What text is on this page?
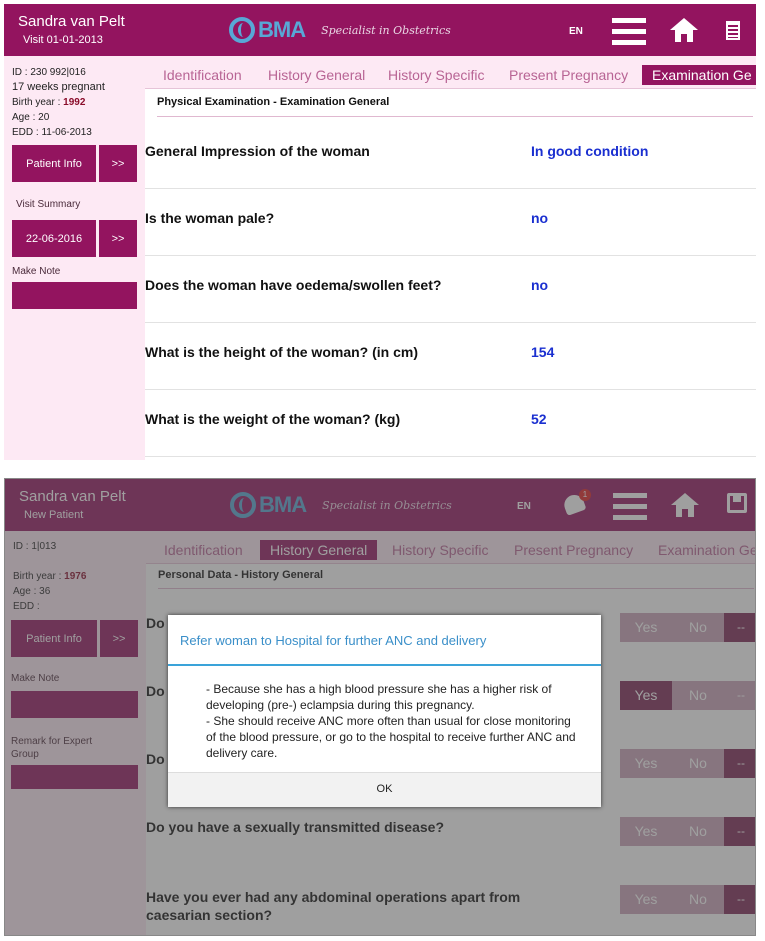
Sandra van Pelt
Visit 01-01-2013	BMA Specialist in Obstetrics	EN
ID : 230 992|016
17 weeks pregnant
Birth year : 1992
Age : 20
EDD : 11-06-2013
Patient Info	>>
Visit Summary
22-06-2016	>>
Make Note
Identification History General History Specific Present Pregnancy	Examination Ge
Physical Examination - Examination General
General Impression of the woman	In good condition
Is the woman pale?	no
Does the woman have oedema/swollen feet?	no
What is the height of the woman? (in cm)	154
What is the weight of the woman? (kg)	52
Refer woman to Hospital for further ANC and delivery
- Because she has a high blood pressure she has a higher risk of developing (pre-) eclampsia during this pregnancy.
- She should receive ANC more often than usual for close monitoring of the blood pressure, or go to the hospital to receive further ANC and delivery care.
OK
